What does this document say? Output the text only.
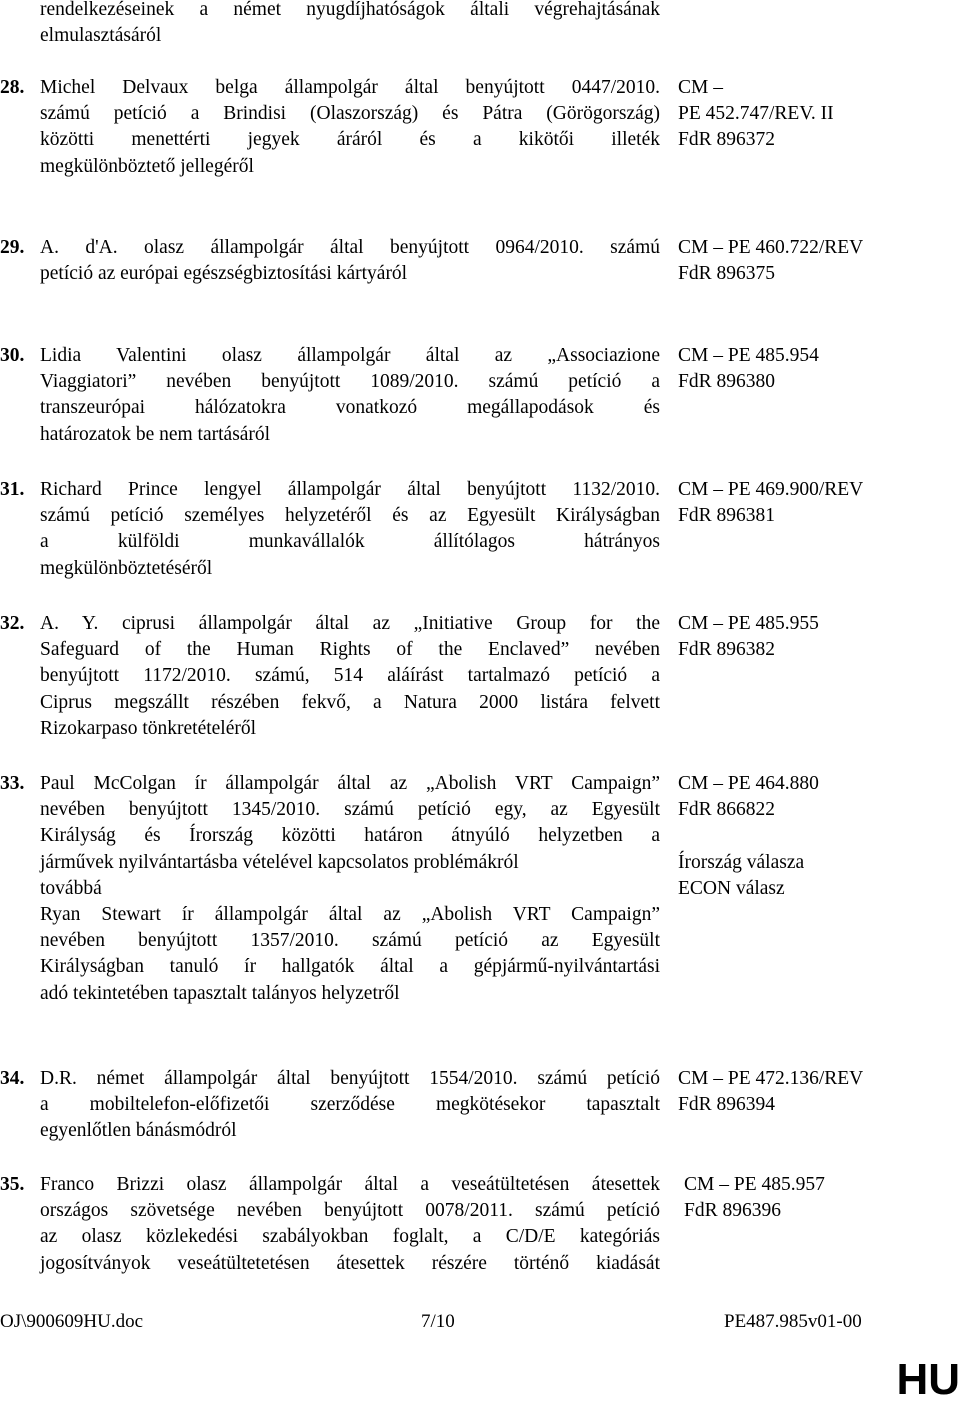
rendelkezéseinek a német nyugdíjhatóságok általi végrehajtásának
elmulasztásáról
28. Michel Delvaux belga állampolgár által benyújtott 0447/2010.
számú petíció a Brindisi (Olaszország) és Pátra (Görögország)
közötti menettérti jegyek áráról és a kikötői illeték
megkülönböztető jellegéről
CM –
PE 452.747/REV. II
FdR 896372
29. A. d'A. olasz állampolgár által benyújtott 0964/2010. számú
petíció az európai egészségbiztosítási kártyáról
CM – PE 460.722/REV
FdR 896375
30. Lidia Valentini olasz állampolgár által az „Associazione
Viaggiatori” nevében benyújtott 1089/2010. számú petíció a
transzeurópai hálózatokra vonatkozó megállapodások és
határozatok be nem tartásáról
CM – PE 485.954
FdR 896380
31. Richard Prince lengyel állampolgár által benyújtott 1132/2010.
számú petíció személyes helyzetéről és az Egyesült Királyságban
a külföldi munkavállalók állítólagos hátrányos
megkülönböztetéséről
CM – PE 469.900/REV
FdR 896381
32. A. Y. ciprusi állampolgár által az „Initiative Group for the
Safeguard of the Human Rights of the Enclaved” nevében
benyújtott 1172/2010. számú, 514 aláírást tartalmazó petíció a
Ciprus megszállt részében fekvő, a Natura 2000 listára felvett
Rizokarpaso tönkretételéről
CM – PE 485.955
FdR 896382
33. Paul McColgan ír állampolgár által az „Abolish VRT Campaign”
nevében benyújtott 1345/2010. számú petíció egy, az Egyesült
Királyság és Írország közötti határon átnyúló helyzetben a
járművek nyilvántartásba vételével kapcsolatos problémákról
továbbá
Ryan Stewart ír állampolgár által az „Abolish VRT Campaign”
nevében benyújtott 1357/2010. számú petíció az Egyesült
Királyságban tanuló ír hallgatók által a gépjármű-nyilvántartási
adó tekintetében tapasztalt talányos helyzetről
CM – PE 464.880
FdR 866822

Írország válasza
ECON válasz
34. D.R. német állampolgár által benyújtott 1554/2010. számú petíció
a mobiltelefon-előfizetői szerződése megkötésekor tapasztalt
egyenlőtlen bánásmódról
CM – PE 472.136/REV
FdR 896394
35. Franco Brizzi olasz állampolgár által a veseátültetésen átesettek
országos szövetsége nevében benyújtott 0078/2011. számú petíció
az olasz közlekedési szabályokban foglalt, a C/D/E kategóriás
jogosítványok veseátültetetésen átesettek részére történő kiadását
CM – PE 485.957
FdR 896396
OJ\900609HU.doc	7/10	PE487.985v01-00
HU
